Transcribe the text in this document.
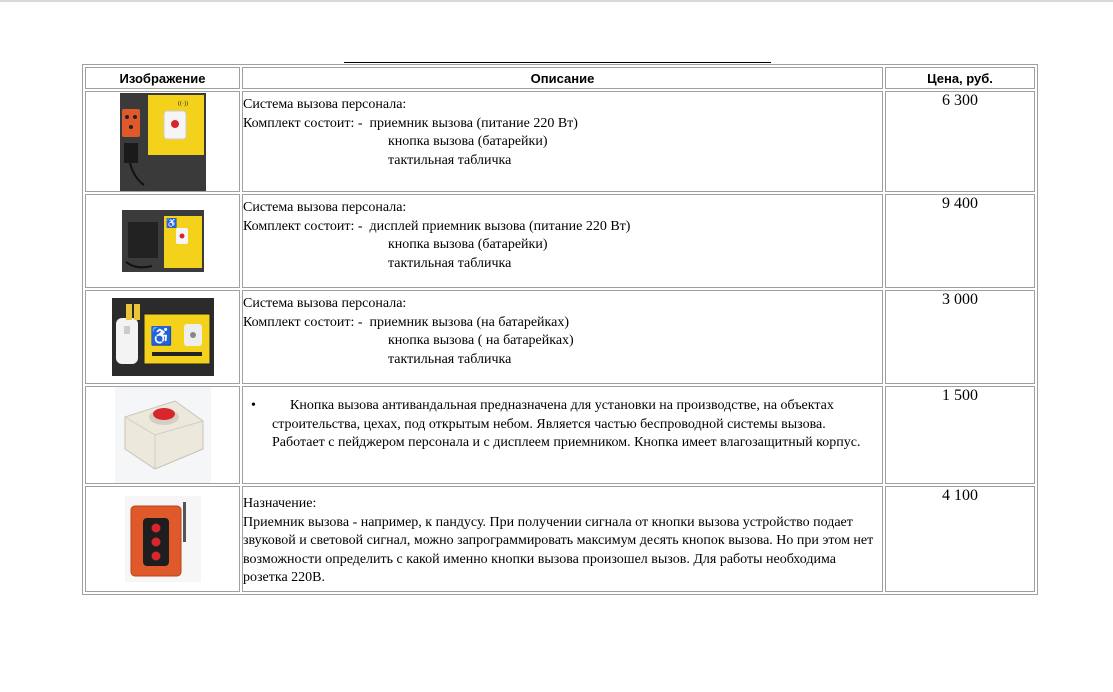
Изображение	Описание	Цена, руб.

((·))	Система вызова персонала:
Комплект состоит: -  приемник вызова (питание 220 Вт)
кнопка вызова (батарейки)
тактильная табличка	6 300

♿	Система вызова персонала:
Комплект состоит: -  дисплей приемник вызова (питание 220 Вт)
кнопка вызова (батарейки)
тактильная табличка	9 400

♿	Система вызова персонала:
Комплект состоит: -  приемник вызова (на батарейках)
кнопка вызова ( на батарейках)
тактильная табличка	3 000

• Кнопка вызова антивандальная предназначена для установки на производстве, на объектах строительства, цехах, под открытым небом. Является частью беспроводной системы вызова. Работает с пейджером персонала и с дисплеем приемником. Кнопка имеет влагозащитный корпус.	1 500

Назначение:
Приемник вызова - например, к пандусу. При получении сигнала от кнопки вызова устройство подает звуковой и световой сигнал, можно запрограммировать максимум десять кнопок вызова. Но при этом нет возможности определить с какой именно кнопки вызова произошел вызов. Для работы необходима розетка 220В.	4 100
